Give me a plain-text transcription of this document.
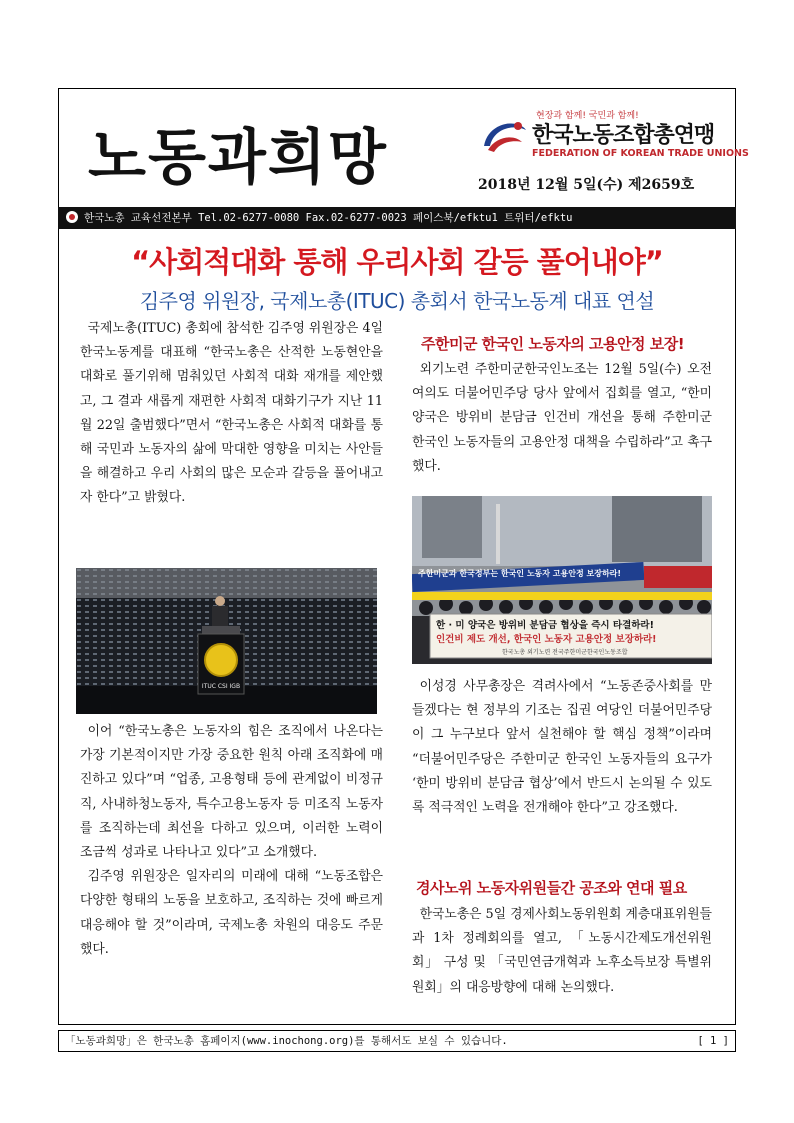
노동과희망
현장과 함께! 국민과 함께!
한국노동조합총연맹
FEDERATION OF KOREAN TRADE UNIONS
2018년 12월 5일(수) 제2659호
한국노총 교육선전본부 Tel.02-6277-0080 Fax.02-6277-0023 페이스북/efktu1 트위터/efktu
“사회적대화 통해 우리사회 갈등 풀어내야”
김주영 위원장, 국제노총(ITUC) 총회서 한국노동계 대표 연설

국제노총(ITUC) 총회에 참석한 김주영 위원장은 4일 한국노동계를 대표해 “한국노총은 산적한 노동현안을 대화로 풀기위해 멈춰있던 사회적 대화 재개를 제안했고, 그 결과 새롭게 재편한 사회적 대화기구가 지난 11월 22일 출범했다”면서 “한국노총은 사회적 대화를 통해 국민과 노동자의 삶에 막대한 영향을 미치는 사안들을 해결하고 우리 사회의 많은 모순과 갈등을 풀어내고자 한다”고 밝혔다.

ITUC CSI IGB

이어 “한국노총은 노동자의 힘은 조직에서 나온다는 가장 기본적이지만 가장 중요한 원칙 아래 조직화에 매진하고 있다”며 “업종, 고용형태 등에 관계없이 비정규직, 사내하청노동자, 특수고용노동자 등 미조직 노동자를 조직하는데 최선을 다하고 있으며, 이러한 노력이 조금씩 성과로 나타나고 있다”고 소개했다.

김주영 위원장은 일자리의 미래에 대해 “노동조합은 다양한 형태의 노동을 보호하고, 조직하는 것에 빠르게 대응해야 할 것”이라며, 국제노총 차원의 대응도 주문했다.

주한미군 한국인 노동자의 고용안정 보장!

외기노련 주한미군한국인노조는 12월 5일(수) 오전 여의도 더불어민주당 당사 앞에서 집회를 열고, “한미 양국은 방위비 분담금 인건비 개선을 통해 주한미군 한국인 노동자들의 고용안정 대책을 수립하라”고 촉구했다.

주한미군과 한국정부는 한국인 노동자 고용안정 보장하라!
한 · 미 양국은 방위비 분담금 협상을 즉시 타결하라!
인건비 제도 개선, 한국인 노동자 고용안정 보장하라!
한국노총 외기노련 전국주한미군한국인노동조합

이성경 사무총장은 격려사에서 “노동존중사회를 만들겠다는 현 정부의 기조는 집권 여당인 더불어민주당이 그 누구보다 앞서 실천해야 할 핵심 정책”이라며 “더불어민주당은 주한미군 한국인 노동자들의 요구가 ‘한미 방위비 분담금 협상’에서 반드시 논의될 수 있도록 적극적인 노력을 전개해야 한다”고 강조했다.

경사노위 노동자위원들간 공조와 연대 필요

한국노총은 5일 경제사회노동위원회 계층대표위원들과 1차 정례회의를 열고, 「노동시간제도개선위원회」 구성 및 「국민연금개혁과 노후소득보장 특별위원회」의 대응방향에 대해 논의했다.

「노동과희망」은 한국노총 홈페이지(www.inochong.org)를 통해서도 보실 수 있습니다.	[ 1 ]
